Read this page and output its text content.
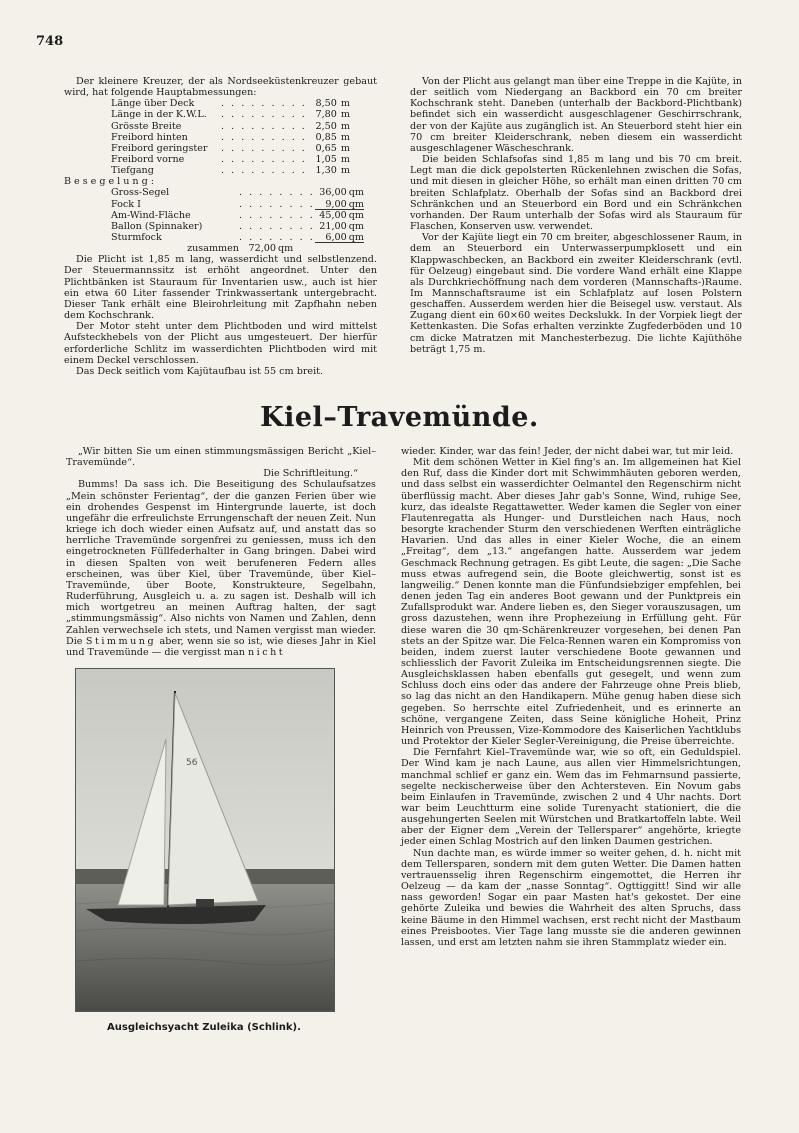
748

Der kleinere Kreuzer, der als Nordseeküstenkreuzer gebaut wird, hat folgende Hauptabmessungen:

Länge über Deck	. . . . . . . . . 8,50 m
Länge in der K.W.L.	. . . . . . . . . 7,80 m
Grösste Breite	. . . . . . . . . 2,50 m
Freibord hinten	. . . . . . . . . 0,85 m
Freibord geringster	. . . . . . . . . 0,65 m
Freibord vorne	. . . . . . . . . 1,05 m
Tiefgang	. . . . . . . . . 1,30 m

Besegelung:

Gross-Segel	. . . . . . . . 36,00 qm
Fock I	. . . . . . . .	9,00 qm
Am-Wind-Fläche	. . . . . . . . 45,00 qm
Ballon (Spinnaker)	. . . . . . . . 21,00 qm
Sturmfock	. . . . . . . .	6,00 qm
zusammen 72,00 qm

Die Plicht ist 1,85 m lang, wasserdicht und selbstlenzend. Der Steuermannssitz ist erhöht angeordnet. Unter den Plichtbänken ist Stauraum für Inventarien usw., auch ist hier ein etwa 60 Liter fassender Trinkwassertank untergebracht. Dieser Tank erhält eine Bleirohrleitung mit Zapfhahn neben dem Kochschrank.

Der Motor steht unter dem Plichtboden und wird mittelst Aufsteckhebels von der Plicht aus umgesteuert. Der hierfür erforderliche Schlitz im wasserdichten Plichtboden wird mit einem Deckel verschlossen.

Das Deck seitlich vom Kajütaufbau ist 55 cm breit.

Von der Plicht aus gelangt man über eine Treppe in die Kajüte, in der seitlich vom Niedergang an Backbord ein 70 cm breiter Kochschrank steht. Daneben (unterhalb der Backbord-Plichtbank) befindet sich ein wasserdicht ausgeschlagener Geschirrschrank, der von der Kajüte aus zugänglich ist. An Steuerbord steht hier ein 70 cm breiter Kleiderschrank, neben diesem ein wasserdicht ausgeschlagener Wäscheschrank.

Die beiden Schlafsofas sind 1,85 m lang und bis 70 cm breit. Legt man die dick gepolsterten Rückenlehnen zwischen die Sofas, und mit diesen in gleicher Höhe, so erhält man einen dritten 70 cm breiten Schlafplatz. Oberhalb der Sofas sind an Backbord drei Schränkchen und an Steuerbord ein Bord und ein Schränkchen vorhanden. Der Raum unterhalb der Sofas wird als Stauraum für Flaschen, Konserven usw. verwendet.

Vor der Kajüte liegt ein 70 cm breiter, abgeschlossener Raum, in dem an Steuerbord ein Unterwasserpumpklosett und ein Klappwaschbecken, an Backbord ein zweiter Kleiderschrank (evtl. für Oelzeug) eingebaut sind. Die vordere Wand erhält eine Klappe als Durchkriechöffnung nach dem vorderen (Mannschafts-)Raume. Im Mannschaftsraume ist ein Schlafplatz auf losen Polstern geschaffen. Ausserdem werden hier die Beisegel usw. verstaut. Als Zugang dient ein 60×60 weites Deckslukk. In der Vorpiek liegt der Kettenkasten. Die Sofas erhalten verzinkte Zugfederböden und 10 cm dicke Matratzen mit Manchesterbezug. Die lichte Kajüthöhe beträgt 1,75 m.

Kiel–Travemünde.

„Wir bitten Sie um einen stimmungsmässigen Bericht „Kiel–Travemünde“.

Die Schriftleitung.“

Bumms! Da sass ich. Die Beseitigung des Schulaufsatzes „Mein schönster Ferientag“, der die ganzen Ferien über wie ein drohendes Gespenst im Hintergrunde lauerte, ist doch ungefähr die erfreulichste Errungenschaft der neuen Zeit. Nun kriege ich doch wieder einen Aufsatz auf, und anstatt das so herrliche Travemünde sorgenfrei zu geniessen, muss ich den eingetrockneten Füllfederhalter in Gang bringen. Dabei wird in diesen Spalten von weit berufeneren Federn alles erscheinen, was über Kiel, über Travemünde, über Kiel–Travemünde, über Boote, Konstrukteure, Segelbahn, Ruderführung, Ausgleich u. a. zu sagen ist. Deshalb will ich mich wortgetreu an meinen Auftrag halten, der sagt „stimmungsmässig“. Also nichts von Namen und Zahlen, denn Zahlen verwechsele ich stets, und Namen vergisst man wieder. Die Stimmung aber, wenn sie so ist, wie dieses Jahr in Kiel und Travemünde — die vergisst man nicht

56
Ausgleichsyacht Zuleika (Schlink).

wieder. Kinder, war das fein! Jeder, der nicht dabei war, tut mir leid.

Mit dem schönen Wetter in Kiel fing's an. Im allgemeinen hat Kiel den Ruf, dass die Kinder dort mit Schwimmhäuten geboren werden, und dass selbst ein wasserdichter Oelmantel den Regenschirm nicht überflüssig macht. Aber dieses Jahr gab's Sonne, Wind, ruhige See, kurz, das idealste Regattawetter. Weder kamen die Segler von einer Flautenregatta als Hunger- und Durstleichen nach Haus, noch besorgte krachender Sturm den verschiedenen Werften einträgliche Havarien. Und das alles in einer Kieler Woche, die an einem „Freitag“, dem „13.“ angefangen hatte. Ausserdem war jedem Geschmack Rechnung getragen. Es gibt Leute, die sagen: „Die Sache muss etwas aufregend sein, die Boote gleichwertig, sonst ist es langweilig.“ Denen konnte man die Fünfundsiebziger empfehlen, bei denen jeden Tag ein anderes Boot gewann und der Punktpreis ein Zufallsprodukt war. Andere lieben es, den Sieger vorauszusagen, um gross dazustehen, wenn ihre Prophezeiung in Erfüllung geht. Für diese waren die 30 qm-Schärenkreuzer vorgesehen, bei denen Pan stets an der Spitze war. Die Felca-Rennen waren ein Kompromiss von beiden, indem zuerst lauter verschiedene Boote gewannen und schliesslich der Favorit Zuleika im Entscheidungsrennen siegte. Die Ausgleichsklassen haben ebenfalls gut gesegelt, und wenn zum Schluss doch eins oder das andere der Fahrzeuge ohne Preis blieb, so lag das nicht an den Handikapern. Mühe genug haben diese sich gegeben. So herrschte eitel Zufriedenheit, und es erinnerte an schöne, vergangene Zeiten, dass Seine königliche Hoheit, Prinz Heinrich von Preussen, Vize-Kommodore des Kaiserlichen Yachtklubs und Protektor der Kieler Segler-Vereinigung, die Preise überreichte.

Die Fernfahrt Kiel–Travemünde war, wie so oft, ein Geduldspiel. Der Wind kam je nach Laune, aus allen vier Himmelsrichtungen, manchmal schlief er ganz ein. Wem das im Fehmarnsund passierte, segelte neckischerweise über den Achtersteven. Ein Novum gabs beim Einlaufen in Travemünde, zwischen 2 und 4 Uhr nachts. Dort war beim Leuchtturm eine solide Turenyacht stationiert, die die ausgehungerten Seelen mit Würstchen und Bratkartoffeln labte. Weil aber der Eigner dem „Verein der Tellersparer“ angehörte, kriegte jeder einen Schlag Mostrich auf den linken Daumen gestrichen.

Nun dachte man, es würde immer so weiter gehen, d. h. nicht mit dem Tellersparen, sondern mit dem guten Wetter. Die Damen hatten vertrauensselig ihren Regenschirm eingemottet, die Herren ihr Oelzeug — da kam der „nasse Sonntag“. Ogttiggitt! Sind wir alle nass geworden! Sogar ein paar Masten hat's gekostet. Der eine gehörte Zuleika und bewies die Wahrheit des alten Spruchs, dass keine Bäume in den Himmel wachsen, erst recht nicht der Mastbaum eines Preisbootes. Vier Tage lang musste sie die anderen gewinnen lassen, und erst am letzten nahm sie ihren Stammplatz wieder ein.
